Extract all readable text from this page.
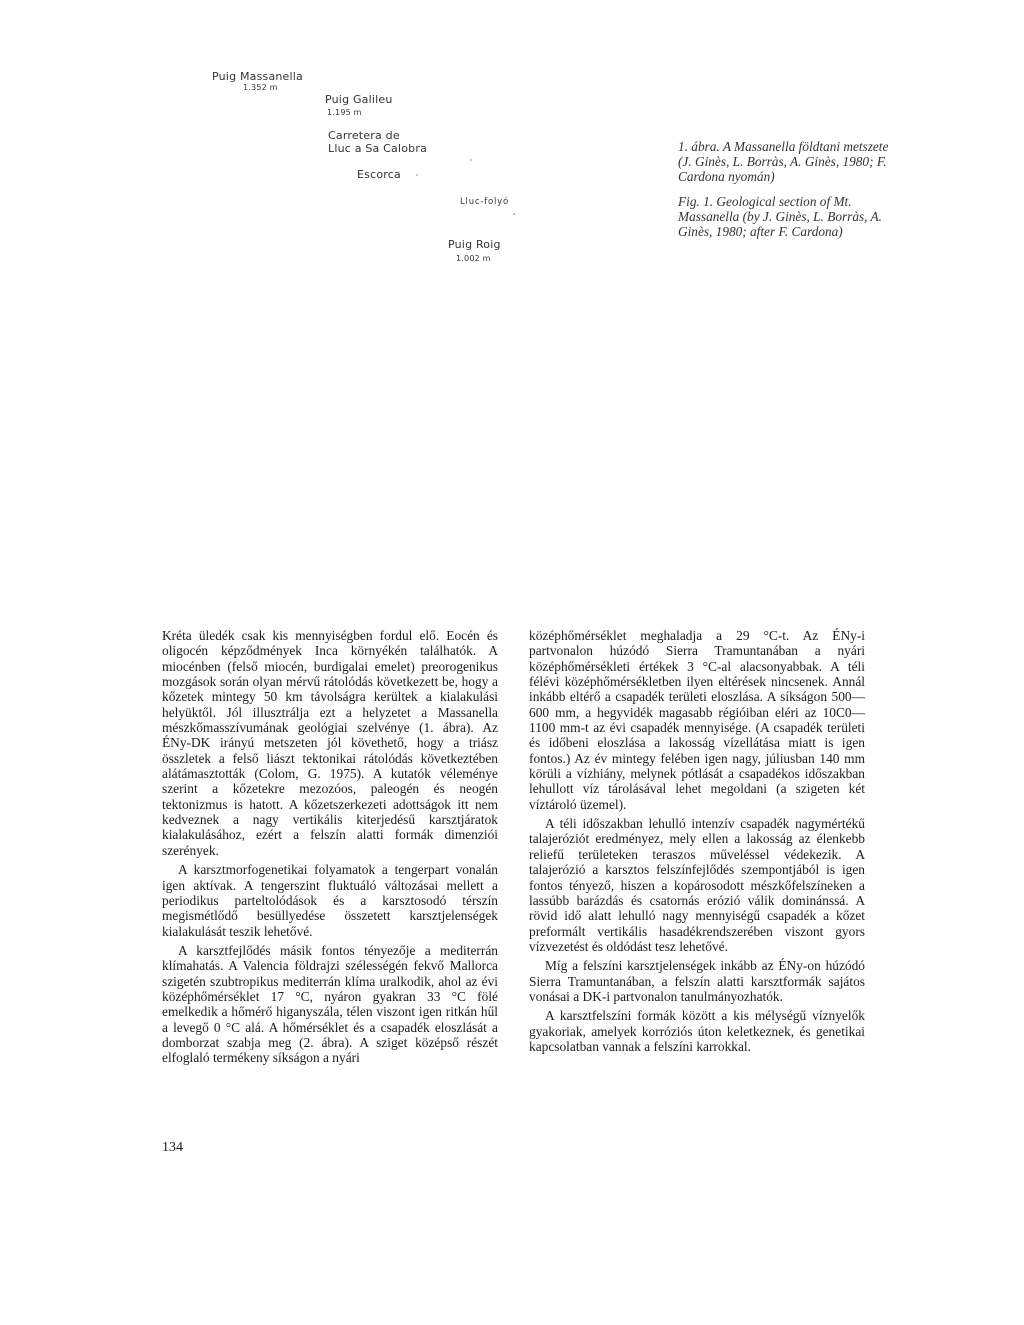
Puig Massanella
1.352 m
Puig Galileu
1.195 m
Carretera de
Lluc a Sa Calobra
Escorca
Lluc-folyó
Puig Roig
1.002 m

1. ábra. A Massanella földtani metszete (J. Ginès, L. Borràs, A. Ginès, 1980; F. Cardona nyomán)

Fig. 1. Geological section of Mt. Massanella (by J. Ginès, L. Borràs, A. Ginès, 1980; after F. Cardona)

Kréta üledék csak kis mennyiségben fordul elő. Eocén és oligocén képződmények Inca környékén találhatók. A miocénben (felső miocén, burdigalai emelet) preorogenikus mozgások során olyan mérvű rátolódás következett be, hogy a kőzetek mintegy 50 km távolságra kerültek a kialakulási helyüktől. Jól illusztrálja ezt a helyzetet a Massanella mészkőmasszívumának geológiai szelvénye (1. ábra). Az ÉNy-DK irányú metszeten jól követhető, hogy a triász összletek a felső liászt tektonikai rátolódás következtében alátámasztották (Colom, G. 1975). A kutatók véleménye szerint a kőzetekre mezozóos, paleogén és neogén tektonizmus is hatott. A kőzetszerkezeti adottságok itt nem kedveznek a nagy vertikális kiterjedésű karsztjáratok kialakulásához, ezért a felszín alatti formák dimenziói szerények.

A karsztmorfogenetikai folyamatok a tengerpart vonalán igen aktívak. A tengerszint fluktuáló változásai mellett a periodikus parteltolódások és a karsztosodó térszín megismétlődő besüllyedése összetett karsztjelenségek kialakulását teszik lehetővé.

A karsztfejlődés másik fontos tényezője a mediterrán klímahatás. A Valencia földrajzi szélességén fekvő Mallorca szigetén szubtropikus mediterrán klíma uralkodik, ahol az évi középhőmérséklet 17 °C, nyáron gyakran 33 °C fölé emelkedik a hőmérő higanyszála, télen viszont igen ritkán hűl a levegő 0 °C alá. A hőmérséklet és a csapadék eloszlását a domborzat szabja meg (2. ábra). A sziget középső részét elfoglaló termékeny síkságon a nyári

középhőmérséklet meghaladja a 29 °C-t. Az ÉNy-i partvonalon húzódó Sierra Tramuntanában a nyári középhőmérsékleti értékek 3 °C-al alacsonyabbak. A téli félévi középhőmérsékletben ilyen eltérések nincsenek. Annál inkább eltérő a csapadék területi eloszlása. A síkságon 500—600 mm, a hegyvidék magasabb régióiban eléri az 10C0—1100 mm-t az évi csapadék mennyisége. (A csapadék területi és időbeni eloszlása a lakosság vízellátása miatt is igen fontos.) Az év mintegy felében igen nagy, júliusban 140 mm körüli a vízhiány, melynek pótlását a csapadékos időszakban lehullott víz tárolásával lehet megoldani (a szigeten két víztároló üzemel).

A téli időszakban lehulló intenzív csapadék nagymértékű talajeróziót eredményez, mely ellen a lakosság az élenkebb reliefű területeken teraszos műveléssel védekezik. A talajerózió a karsztos felszínfejlődés szempontjából is igen fontos tényező, hiszen a kopárosodott mészkőfelszíneken a lassúbb barázdás és csatornás erózió válik dominánssá. A rövid idő alatt lehulló nagy mennyiségű csapadék a kőzet preformált vertikális hasadékrendszerében viszont gyors vízvezetést és oldódást tesz lehetővé.

Míg a felszíni karsztjelenségek inkább az ÉNy-on húzódó Sierra Tramuntanában, a felszín alatti karsztformák sajátos vonásai a DK-i partvonalon tanulmányozhatók.

A karsztfelszíni formák között a kis mélységű víznyelők gyakoriak, amelyek korróziós úton keletkeznek, és genetikai kapcsolatban vannak a felszíni karrokkal.

134
